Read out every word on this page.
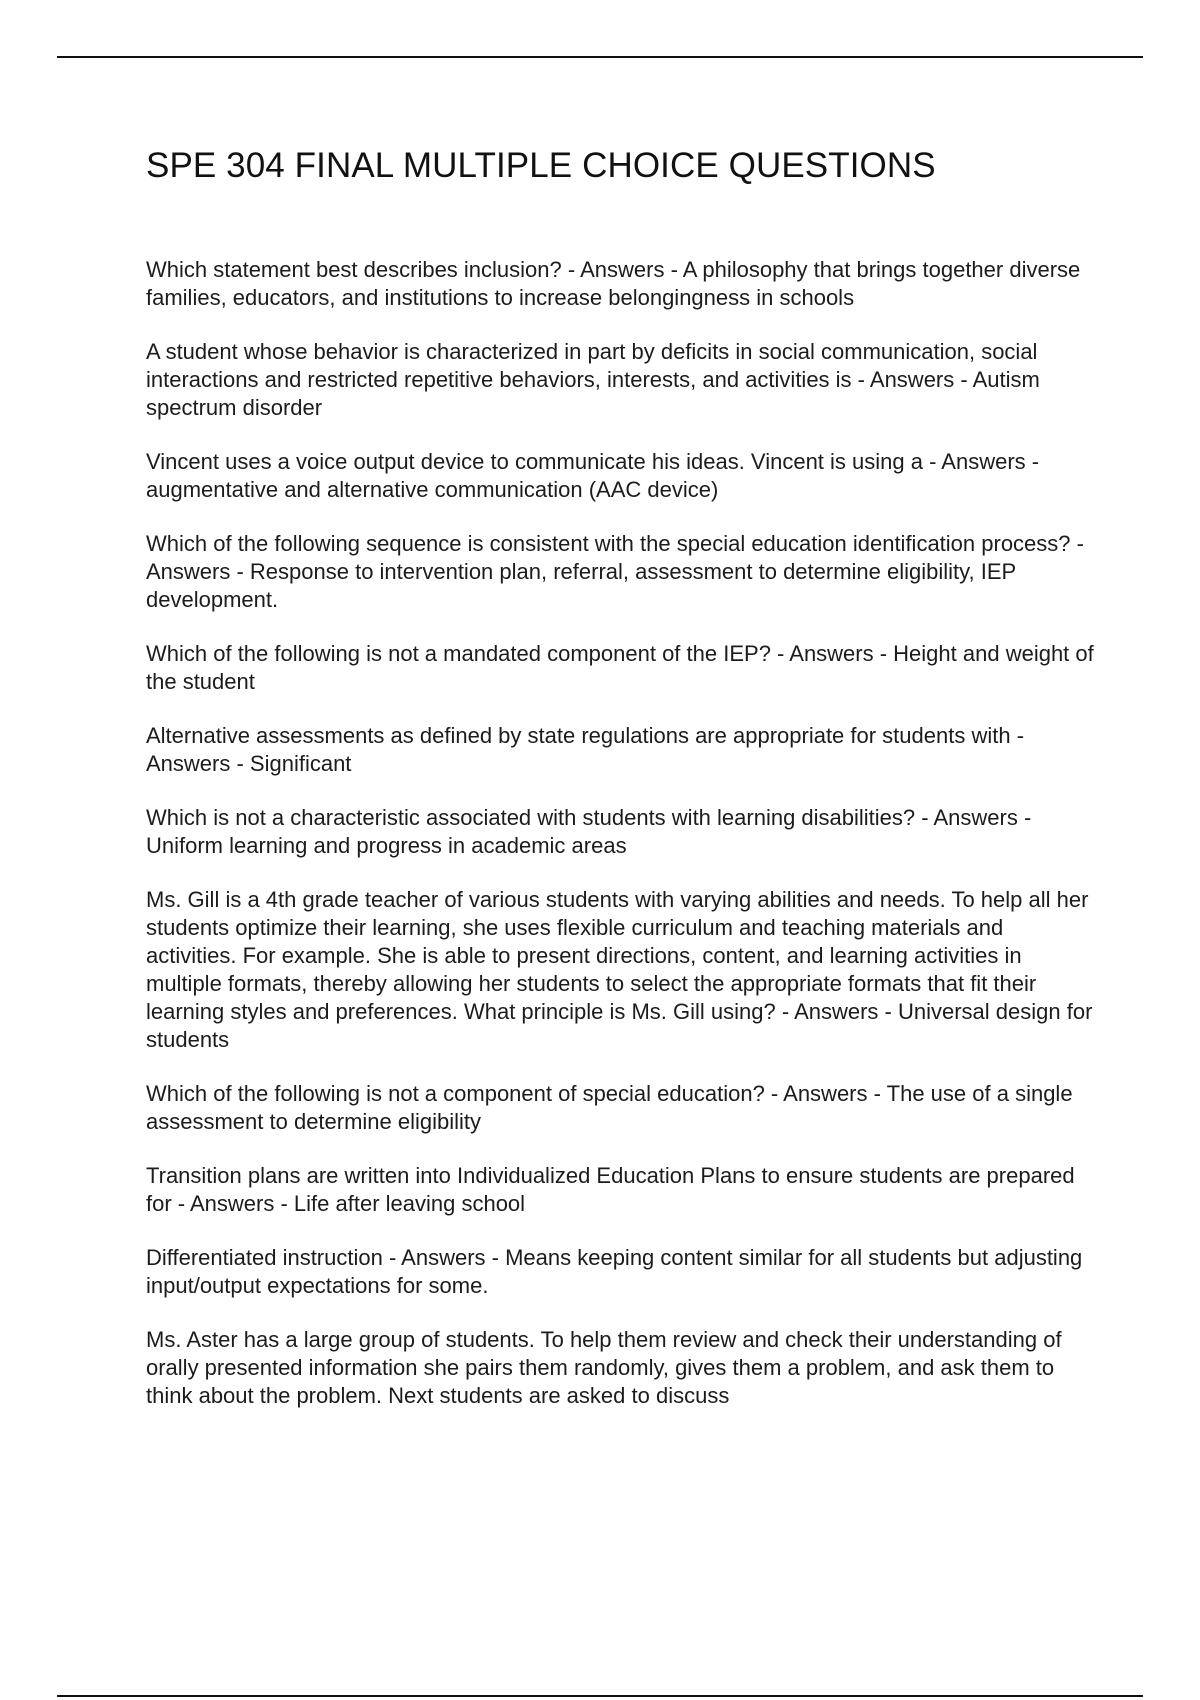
SPE 304 FINAL MULTIPLE CHOICE QUESTIONS
Which statement best describes inclusion? - Answers - A philosophy that brings together diverse families, educators, and institutions to increase belongingness in schools
A student whose behavior is characterized in part by deficits in social communication, social interactions and restricted repetitive behaviors, interests, and activities is - Answers - Autism spectrum disorder
Vincent uses a voice output device to communicate his ideas. Vincent is using a - Answers - augmentative and alternative communication (AAC device)
Which of the following sequence is consistent with the special education identification process? - Answers - Response to intervention plan, referral, assessment to determine eligibility, IEP development.
Which of the following is not a mandated component of the IEP? - Answers - Height and weight of the student
Alternative assessments as defined by state regulations are appropriate for students with - Answers - Significant
Which is not a characteristic associated with students with learning disabilities? - Answers - Uniform learning and progress in academic areas
Ms. Gill is a 4th grade teacher of various students with varying abilities and needs. To help all her students optimize their learning, she uses flexible curriculum and teaching materials and activities. For example. She is able to present directions, content, and learning activities in multiple formats, thereby allowing her students to select the appropriate formats that fit their learning styles and preferences. What principle is Ms. Gill using? - Answers - Universal design for students
Which of the following is not a component of special education? - Answers - The use of a single assessment to determine eligibility
Transition plans are written into Individualized Education Plans to ensure students are prepared for - Answers - Life after leaving school
Differentiated instruction - Answers - Means keeping content similar for all students but adjusting input/output expectations for some.
Ms. Aster has a large group of students. To help them review and check their understanding of orally presented information she pairs them randomly, gives them a problem, and ask them to think about the problem. Next students are asked to discuss
